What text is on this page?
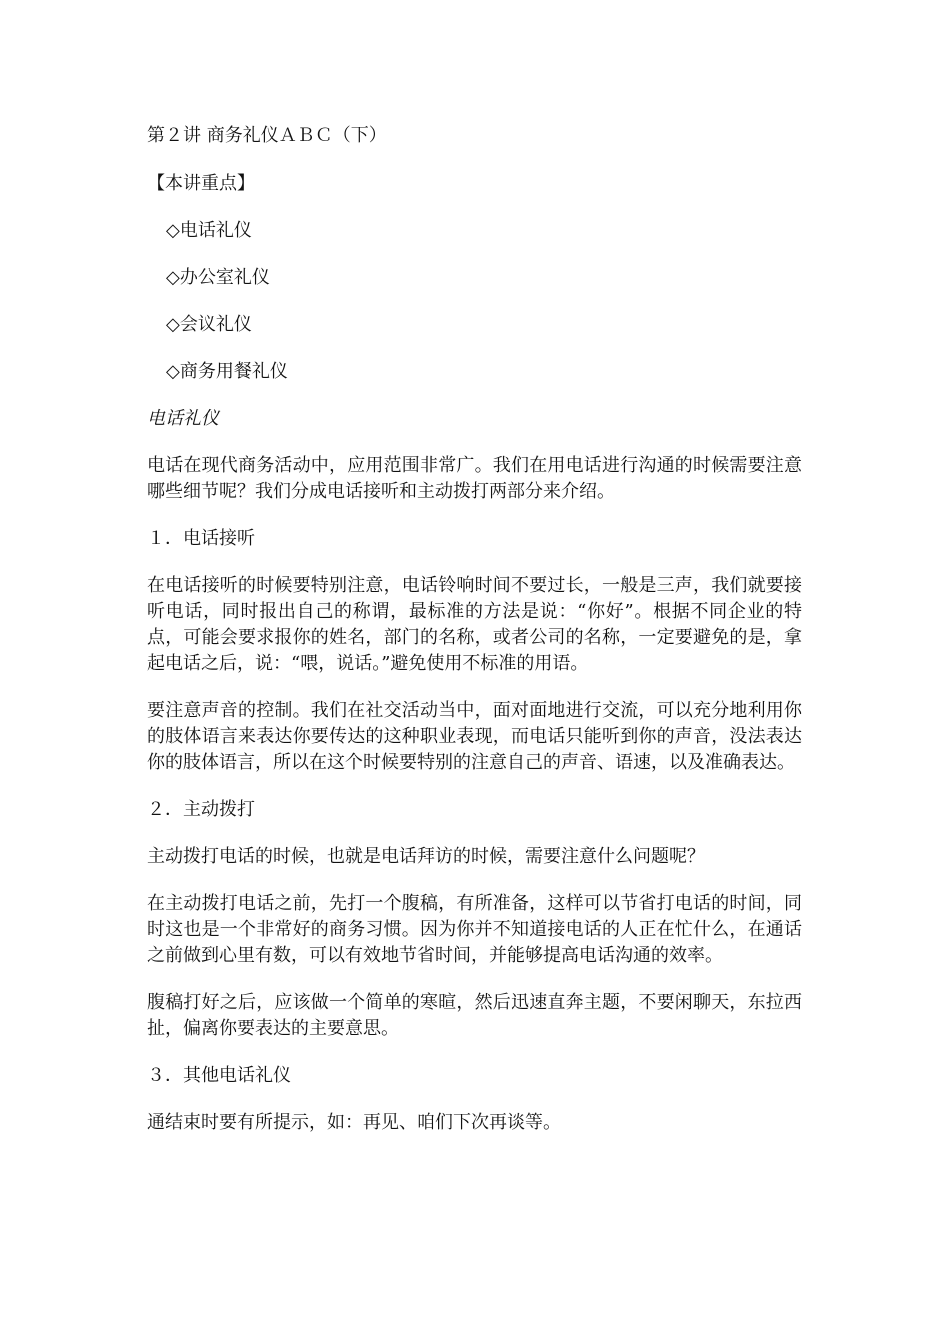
第２讲 商务礼仪ＡＢＣ（下）

【本讲重点】

◇电话礼仪

◇办公室礼仪

◇会议礼仪

◇商务用餐礼仪

电话礼仪

电话在现代商务活动中，应用范围非常广。我们在用电话进行沟通的时候需要注意哪些细节呢？我们分成电话接听和主动拨打两部分来介绍。

１．电话接听

在电话接听的时候要特别注意，电话铃响时间不要过长，一般是三声，我们就要接听电话，同时报出自己的称谓，最标准的方法是说：“你好”。根据不同企业的特点，可能会要求报你的姓名，部门的名称，或者公司的名称，一定要避免的是，拿起电话之后，说：“喂，说话。”避免使用不标准的用语。

要注意声音的控制。我们在社交活动当中，面对面地进行交流，可以充分地利用你的肢体语言来表达你要传达的这种职业表现，而电话只能听到你的声音，没法表达你的肢体语言，所以在这个时候要特别的注意自己的声音、语速，以及准确表达。

２．主动拨打

主动拨打电话的时候，也就是电话拜访的时候，需要注意什么问题呢？

在主动拨打电话之前，先打一个腹稿，有所准备，这样可以节省打电话的时间，同时这也是一个非常好的商务习惯。因为你并不知道接电话的人正在忙什么，在通话之前做到心里有数，可以有效地节省时间，并能够提高电话沟通的效率。

腹稿打好之后，应该做一个简单的寒暄，然后迅速直奔主题，不要闲聊天，东拉西扯，偏离你要表达的主要意思。

３．其他电话礼仪

通结束时要有所提示，如：再见、咱们下次再谈等。
